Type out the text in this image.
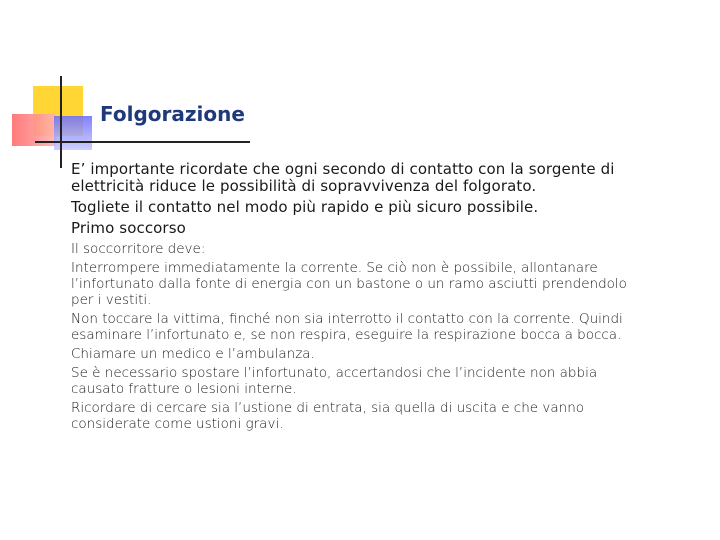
Folgorazione

E’ importante ricordate che ogni secondo di contatto con la sorgente di
elettricità riduce le possibilità di sopravvivenza del folgorato.

Togliete il contatto nel modo più rapido e più sicuro possibile.

Primo soccorso

Il soccorritore deve:

Interrompere immediatamente la corrente. Se ciò non è possibile, allontanare
l’infortunato dalla fonte di energia con un bastone o un ramo asciutti prendendolo
per i vestiti.

Non toccare la vittima, finché non sia interrotto il contatto con la corrente. Quindi
esaminare l’infortunato e, se non respira, eseguire la respirazione bocca a bocca.

Chiamare un medico e l’ambulanza.

Se è necessario spostare l’infortunato, accertandosi che l’incidente non abbia
causato fratture o lesioni interne.

Ricordare di cercare sia l’ustione di entrata, sia quella di uscita e che vanno
considerate come ustioni gravi.
